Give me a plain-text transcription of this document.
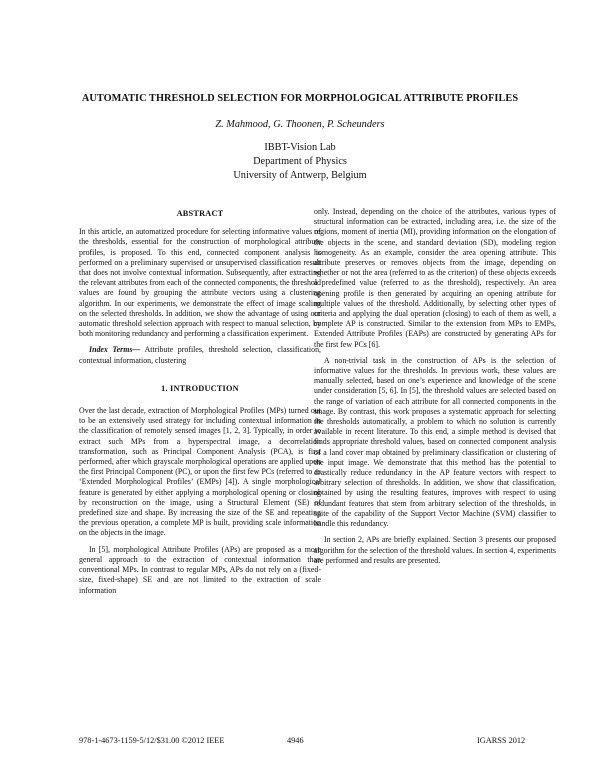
AUTOMATIC THRESHOLD SELECTION FOR MORPHOLOGICAL ATTRIBUTE PROFILES
Z. Mahmood, G. Thoonen, P. Scheunders
IBBT-Vision Lab
Department of Physics
University of Antwerp, Belgium
ABSTRACT

In this article, an automatized procedure for selecting informative values of the thresholds, essential for the construction of morphological attribute profiles, is proposed. To this end, connected component analysis is performed on a preliminary supervised or unsupervised classification result that does not involve contextual information. Subsequently, after extracting the relevant attributes from each of the connected components, the threshold values are found by grouping the attribute vectors using a clustering algorithm. In our experiments, we demonstrate the effect of image scaling on the selected thresholds. In addition, we show the advantage of using our automatic threshold selection approach with respect to manual selection, by both monitoring redundancy and performing a classification experiment.

Index Terms— Attribute profiles, threshold selection, classification, contextual information, clustering

1. INTRODUCTION

Over the last decade, extraction of Morphological Profiles (MPs) turned out to be an extensively used strategy for including contextual information in the classification of remotely sensed images [1, 2, 3]. Typically, in order to extract such MPs from a hyperspectral image, a decorrelation transformation, such as Principal Component Analysis (PCA), is first performed, after which grayscale morphological operations are applied upon the first Principal Component (PC), or upon the first few PCs (referred to as ‘Extended Morphological Profiles’ (EMPs) [4]). A single morphological feature is generated by either applying a morphological opening or closing by reconstruction on the image, using a Structural Element (SE) of predefined size and shape. By increasing the size of the SE and repeating the previous operation, a complete MP is built, providing scale information on the objects in the image.

In [5], morphological Attribute Profiles (APs) are proposed as a more general approach to the extraction of contextual information than conventional MPs. In contrast to regular MPs, APs do not rely on a (fixed-size, fixed-shape) SE and are not limited to the extraction of scale information

only. Instead, depending on the choice of the attributes, various types of structural information can be extracted, including area, i.e. the size of the regions, moment of inertia (MI), providing information on the elongation of the objects in the scene, and standard deviation (SD), modeling region homogeneity. As an example, consider the area opening attribute. This attribute preserves or removes objects from the image, depending on whether or not the area (referred to as the criterion) of these objects exceeds a predefined value (referred to as the threshold), respectively. An area opening profile is then generated by acquiring an opening attribute for multiple values of the threshold. Additionally, by selecting other types of criteria and applying the dual operation (closing) to each of them as well, a complete AP is constructed. Similar to the extension from MPs to EMPs, Extended Attribute Profiles (EAPs) are constructed by generating APs for the first few PCs [6].

A non-trivial task in the construction of APs is the selection of informative values for the thresholds. In previous work, these values are manually selected, based on one’s experience and knowledge of the scene under consideration [5, 6]. In [5], the threshold values are selected based on the range of variation of each attribute for all connected components in the image. By contrast, this work proposes a systematic approach for selecting the thresholds automatically, a problem to which no solution is currently available in recent literature. To this end, a simple method is devised that finds appropriate threshold values, based on connected component analysis of a land cover map obtained by preliminary classification or clustering of the input image. We demonstrate that this method has the potential to drastically reduce redundancy in the AP feature vectors with respect to arbitrary selection of thresholds. In addition, we show that classification, obtained by using the resulting features, improves with respect to using redundant features that stem from arbitrary selection of the thresholds, in spite of the capability of the Support Vector Machine (SVM) classifier to handle this redundancy.

In section 2, APs are briefly explained. Section 3 presents our proposed algorithm for the selection of the threshold values. In section 4, experiments are performed and results are presented.

978-1-4673-1159-5/12/$31.00 ©2012 IEEE	4946	IGARSS 2012
